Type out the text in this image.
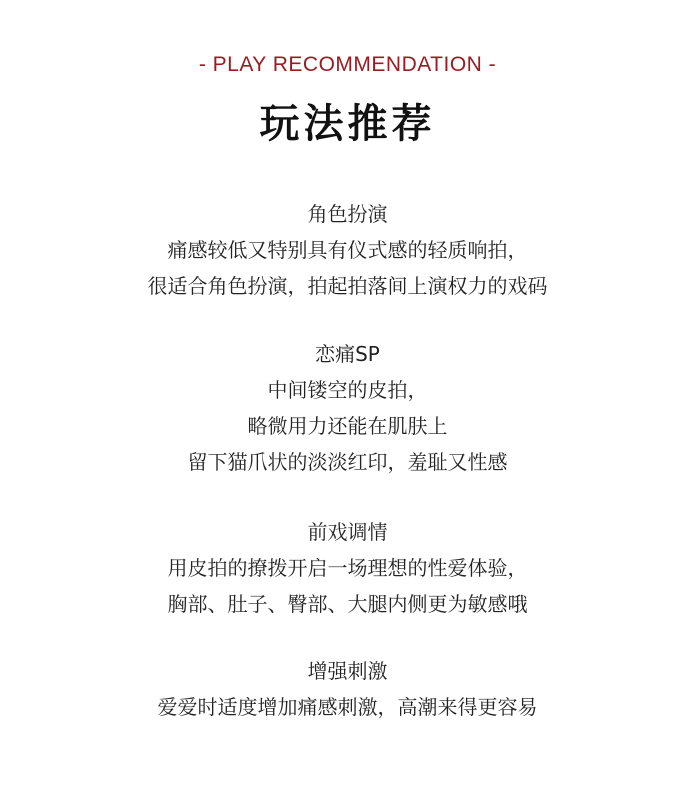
- PLAY RECOMMENDATION -
玩法推荐
角色扮演
痛感较低又特别具有仪式感的轻质响拍，
很适合角色扮演，拍起拍落间上演权力的戏码
恋痛SP
中间镂空的皮拍，
略微用力还能在肌肤上
留下猫爪状的淡淡红印，羞耻又性感
前戏调情
用皮拍的撩拨开启一场理想的性爱体验，
胸部、肚子、臀部、大腿内侧更为敏感哦
增强刺激
爱爱时适度增加痛感刺激，高潮来得更容易
